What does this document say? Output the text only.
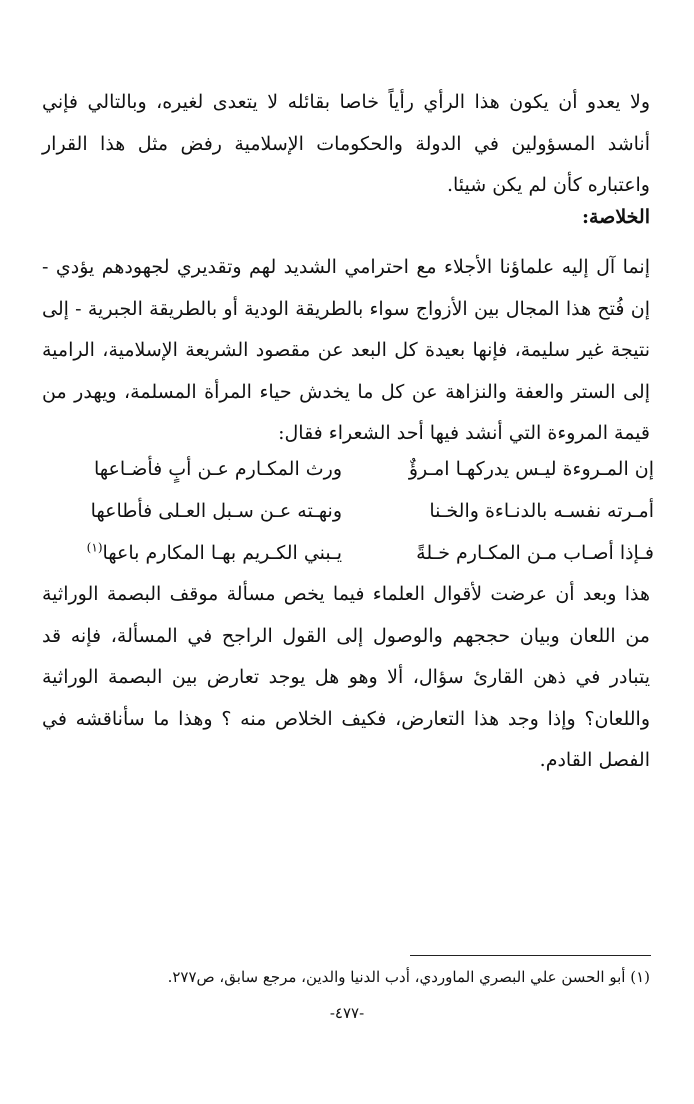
ولا يعدو أن يكون هذا الرأي رأياً خاصا بقائله لا يتعدى لغيره، وبالتالي فإني أناشد المسؤولين في الدولة والحكومات الإسلامية رفض مثل هذا القرار واعتباره كأن لم يكن شيئا.

الخلاصة:

إنما آل إليه علماؤنا الأجلاء مع احترامي الشديد لهم وتقديري لجهودهم يؤدي - إن فُتح هذا المجال بين الأزواج سواء بالطريقة الودية أو بالطريقة الجبرية - إلى نتيجة غير سليمة، فإنها بعيدة كل البعد عن مقصود الشريعة الإسلامية، الرامية إلى الستر والعفة والنزاهة عن كل ما يخدش حياء المرأة المسلمة، ويهدر من قيمة المروءة التي أنشد فيها أحد الشعراء فقال:

إن المـروءة ليـس يدركهـا امـرؤٌ
ورث المكـارم عـن أبٍ فأضـاعها
أمـرته نفسـه بالدنـاءة والخـنا
ونهـته عـن سـبل العـلى فأطاعها
فـإذا أصـاب مـن المكـارم خـلةً
يـبني الكـريم بهـا المكارم باعها$^{(١)}$

هذا وبعد أن عرضت لأقوال العلماء فيما يخص مسألة موقف البصمة الوراثية من اللعان وبيان حججهم والوصول إلى القول الراجح في المسألة، فإنه قد يتبادر في ذهن القارئ سؤال، ألا وهو هل يوجد تعارض بين البصمة الوراثية واللعان؟ وإذا وجد هذا التعارض، فكيف الخلاص منه ؟ وهذا ما سأناقشه في الفصل القادم.

(١) أبو الحسن علي البصري الماوردي، أدب الدنيا والدين، مرجع سابق، ص٢٧٧.

-٤٧٧-
